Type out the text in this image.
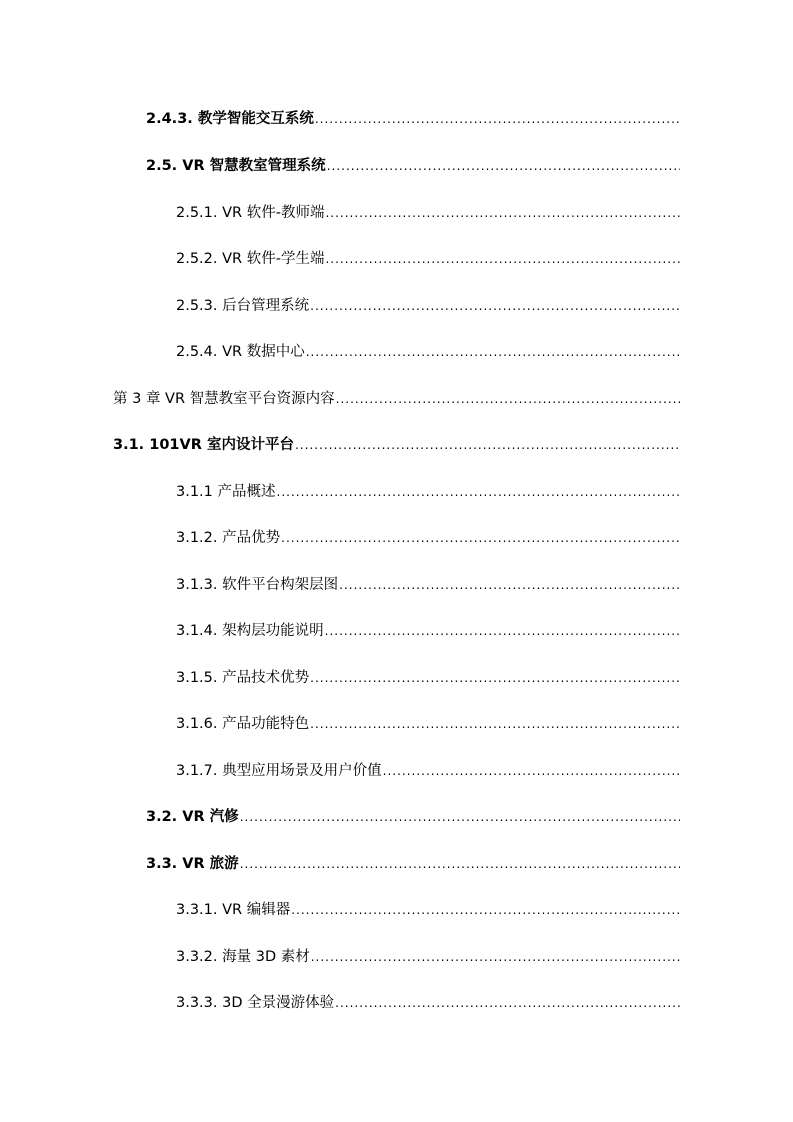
2.4.3. 教学智能交互系统
.....
2.5. VR 智慧教室管理系统
.....
2.5.1. VR 软件-教师端
.....
2.5.2. VR 软件-学生端
.....
2.5.3. 后台管理系统
.....
2.5.4. VR 数据中心
.....
第 3 章 VR 智慧教室平台资源内容
.....
3.1. 101VR 室内设计平台
.....
3.1.1 产品概述
.....
3.1.2. 产品优势
.....
3.1.3. 软件平台构架层图
.....
3.1.4. 架构层功能说明
.....
3.1.5. 产品技术优势
.....
3.1.6. 产品功能特色
.....
3.1.7. 典型应用场景及用户价值
.....
3.2. VR 汽修
.....
3.3. VR 旅游
.....
3.3.1. VR 编辑器
.....
3.3.2. 海量 3D 素材
.....
3.3.3. 3D 全景漫游体验
.....
